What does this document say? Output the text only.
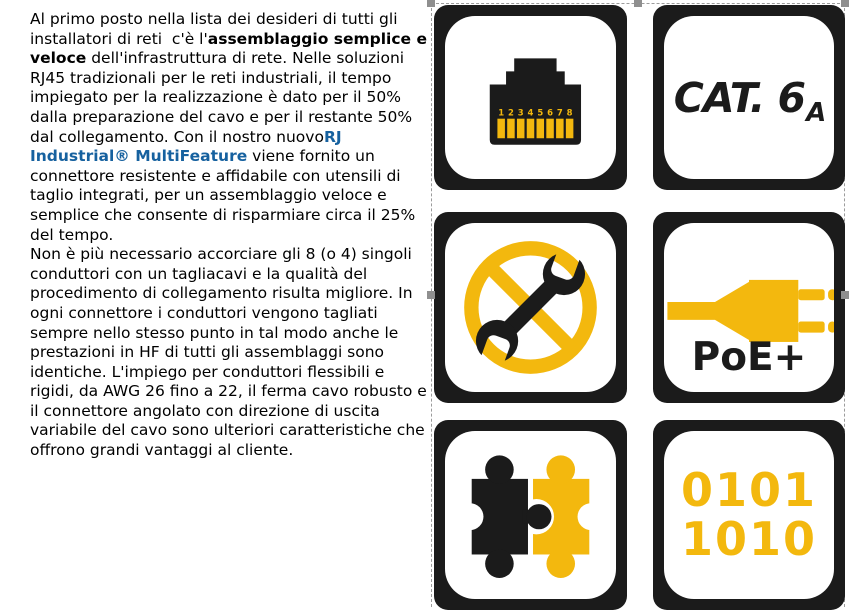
Al primo posto nella lista dei desideri di tutti gli installatori di reti  c'è l'assemblaggio semplice e veloce dell'infrastruttura di rete. Nelle soluzioni RJ45 tradizionali per le reti industriali, il tempo impiegato per la realizzazione è dato per il 50% dalla preparazione del cavo e per il restante 50% dal collegamento. Con il nostro nuovoRJ Industrial® MultiFeature viene fornito un connettore resistente e affidabile con utensili di taglio integrati, per un assemblaggio veloce e semplice che consente di risparmiare circa il 25% del tempo.

Non è più necessario accorciare gli 8 (o 4) singoli conduttori con un tagliacavi e la qualità del procedimento di collegamento risulta migliore. In ogni connettore i conduttori vengono tagliati sempre nello stesso punto in tal modo anche le prestazioni in HF di tutti gli assemblaggi sono identiche. L'impiego per conduttori flessibili e rigidi, da AWG 26 fino a 22, il ferma cavo robusto e il connettore angolato con direzione di uscita variabile del cavo sono ulteriori caratteristiche che offrono grandi vantaggi al cliente.

1 2 3 4 5 6 7 8 CAT. $6_A$
PoE+
0101
1010
